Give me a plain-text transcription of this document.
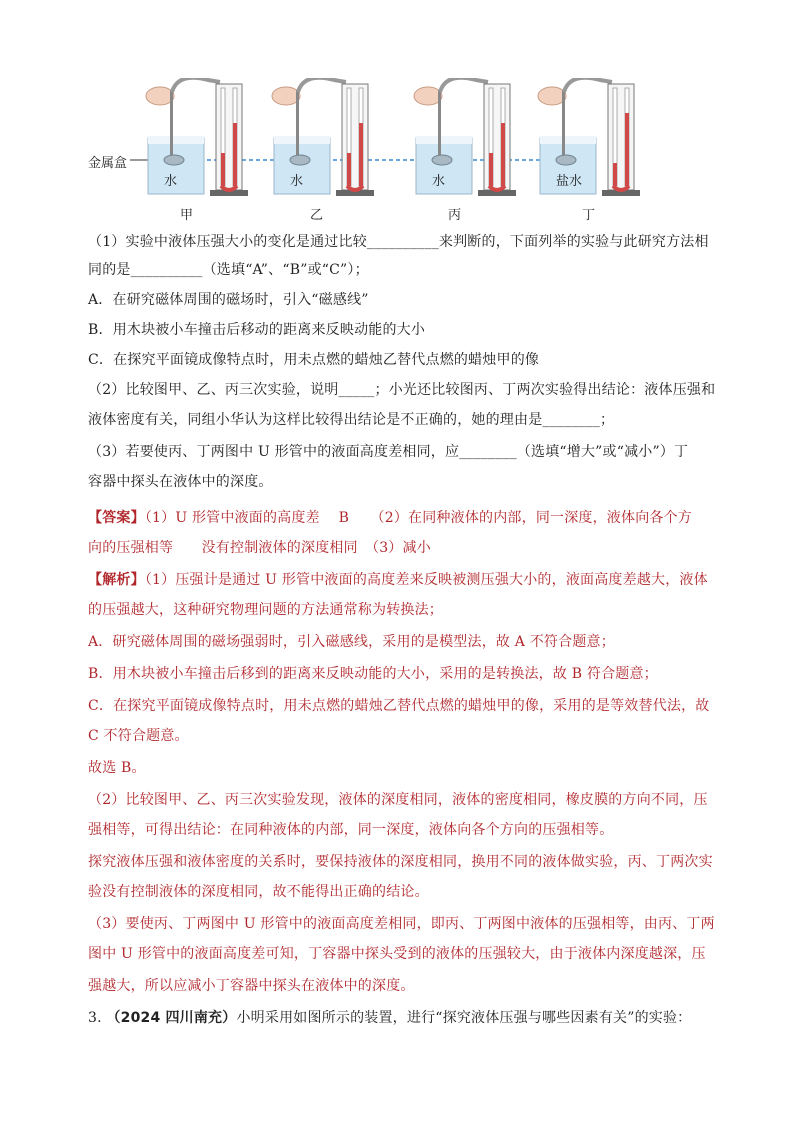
金属盒
水	水	水	盐水
甲	乙	丙	丁
（1）实验中液体压强大小的变化是通过比较__________来判断的，下面列举的实验与此研究方法相
同的是__________（选填“A”、“B”或“C”）；
A．在研究磁体周围的磁场时，引入“磁感线”
B．用木块被小车撞击后移动的距离来反映动能的大小
C．在探究平面镜成像特点时，用未点燃的蜡烛乙替代点燃的蜡烛甲的像
（2）比较图甲、乙、丙三次实验，说明_____；小光还比较图丙、丁两次实验得出结论：液体压强和
液体密度有关，同组小华认为这样比较得出结论是不正确的，她的理由是________；
（3）若要使丙、丁两图中 U 形管中的液面高度差相同，应________（选填“增大”或“减小”）丁
容器中探头在液体中的深度。
【答案】（1）U 形管中液面的高度差　 B　　（2）在同种液体的内部，同一深度，液体向各个方
向的压强相等　　没有控制液体的深度相同　（3）减小
【解析】（1）压强计是通过 U 形管中液面的高度差来反映被测压强大小的，液面高度差越大，液体
的压强越大，这种研究物理问题的方法通常称为转换法；
A．研究磁体周围的磁场强弱时，引入磁感线，采用的是模型法，故 A 不符合题意；
B．用木块被小车撞击后移到的距离来反映动能的大小，采用的是转换法，故 B 符合题意；
C．在探究平面镜成像特点时，用未点燃的蜡烛乙替代点燃的蜡烛甲的像，采用的是等效替代法，故
C 不符合题意。
故选 B。
（2）比较图甲、乙、丙三次实验发现，液体的深度相同，液体的密度相同，橡皮膜的方向不同，压
强相等，可得出结论：在同种液体的内部，同一深度，液体向各个方向的压强相等。
探究液体压强和液体密度的关系时，要保持液体的深度相同，换用不同的液体做实验，丙、丁两次实
验没有控制液体的深度相同，故不能得出正确的结论。
（3）要使丙、丁两图中 U 形管中的液面高度差相同，即丙、丁两图中液体的压强相等，由丙、丁两
图中 U 形管中的液面高度差可知，丁容器中探头受到的液体的压强较大，由于液体内深度越深，压
强越大，所以应减小丁容器中探头在液体中的深度。
3. （2024 四川南充）小明采用如图所示的装置，进行“探究液体压强与哪些因素有关”的实验：
